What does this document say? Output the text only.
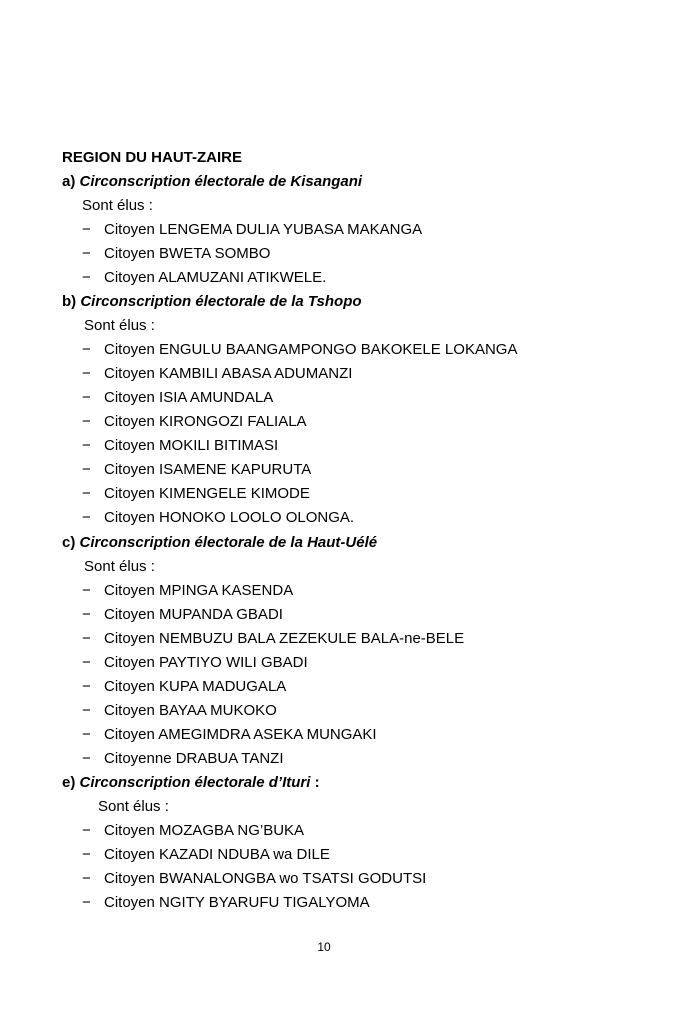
REGION DU HAUT-ZAIRE
a) Circonscription électorale de Kisangani
Sont élus :
− Citoyen LENGEMA DULIA YUBASA MAKANGA
− Citoyen BWETA SOMBO
− Citoyen ALAMUZANI ATIKWELE.
b) Circonscription électorale de la Tshopo
Sont élus :
− Citoyen ENGULU BAANGAMPONGO BAKOKELE LOKANGA
− Citoyen KAMBILI ABASA ADUMANZI
− Citoyen ISIA AMUNDALA
− Citoyen KIRONGOZI FALIALA
− Citoyen MOKILI BITIMASI
− Citoyen ISAMENE KAPURUTA
− Citoyen KIMENGELE KIMODE
− Citoyen HONOKO LOOLO OLONGA.
c) Circonscription électorale de la Haut-Uélé
Sont élus :
− Citoyen MPINGA KASENDA
− Citoyen MUPANDA GBADI
− Citoyen NEMBUZU BALA ZEZEKULE BALA-ne-BELE
− Citoyen PAYTIYO WILI GBADI
− Citoyen KUPA MADUGALA
− Citoyen BAYAA MUKOKO
− Citoyen AMEGIMDRA ASEKA MUNGAKI
− Citoyenne DRABUA TANZI
e) Circonscription électorale d’Ituri :
Sont élus :
− Citoyen MOZAGBA NG’BUKA
− Citoyen KAZADI NDUBA wa DILE
− Citoyen BWANALONGBA wo TSATSI GODUTSI
− Citoyen NGITY BYARUFU TIGALYOMA
10
